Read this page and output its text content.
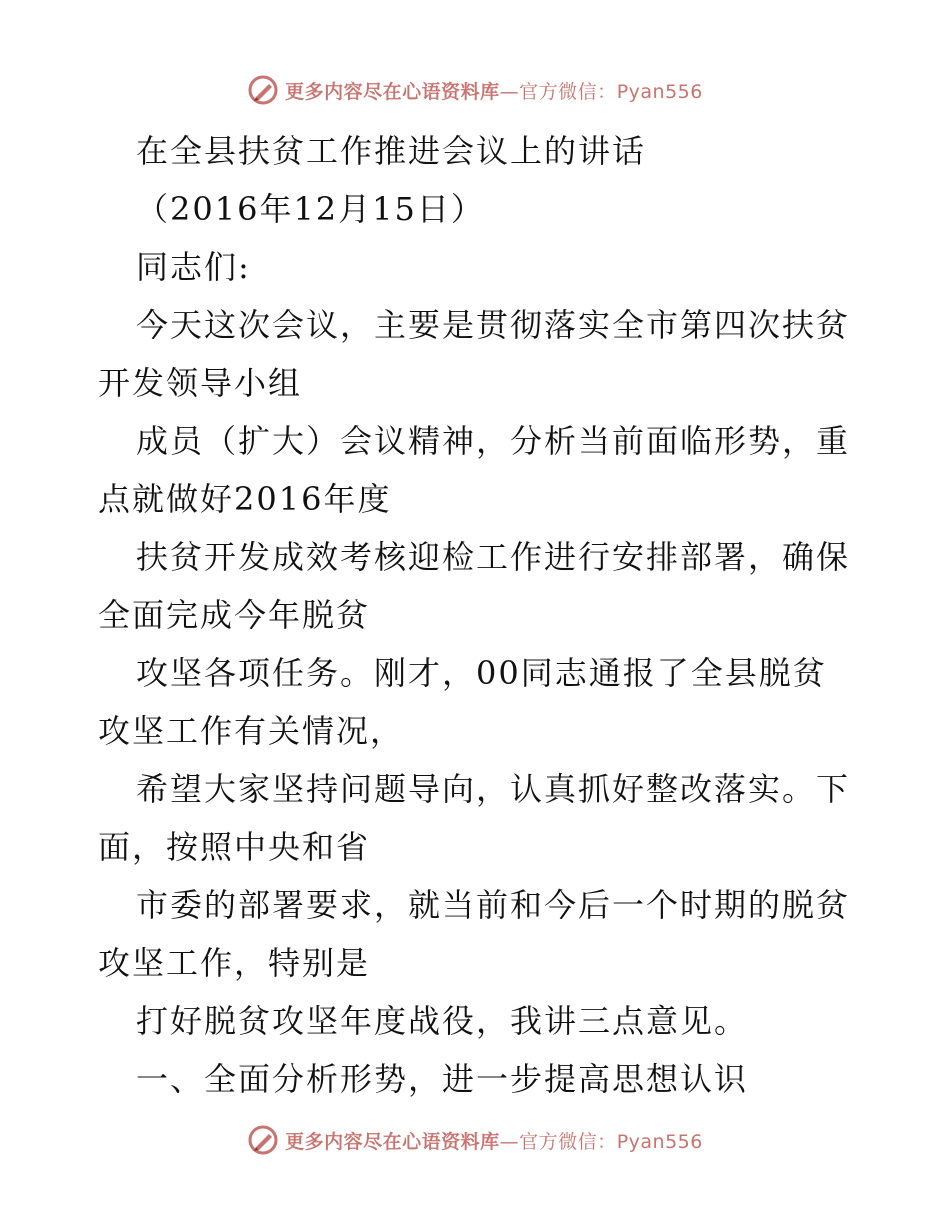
更多内容尽在心语资料库—官方微信：Pyan556
在全县扶贫工作推进会议上的讲话
（2016年12月15日）
同志们:
今天这次会议，主要是贯彻落实全市第四次扶贫
开发领导小组
成员（扩大）会议精神，分析当前面临形势，重
点就做好2016年度
扶贫开发成效考核迎检工作进行安排部署，确保
全面完成今年脱贫
攻坚各项任务。刚才，00同志通报了全县脱贫
攻坚工作有关情况，
希望大家坚持问题导向，认真抓好整改落实。下
面，按照中央和省
市委的部署要求，就当前和今后一个时期的脱贫
攻坚工作，特别是
打好脱贫攻坚年度战役，我讲三点意见。
一、全面分析形势，进一步提高思想认识
更多内容尽在心语资料库—官方微信：Pyan556
